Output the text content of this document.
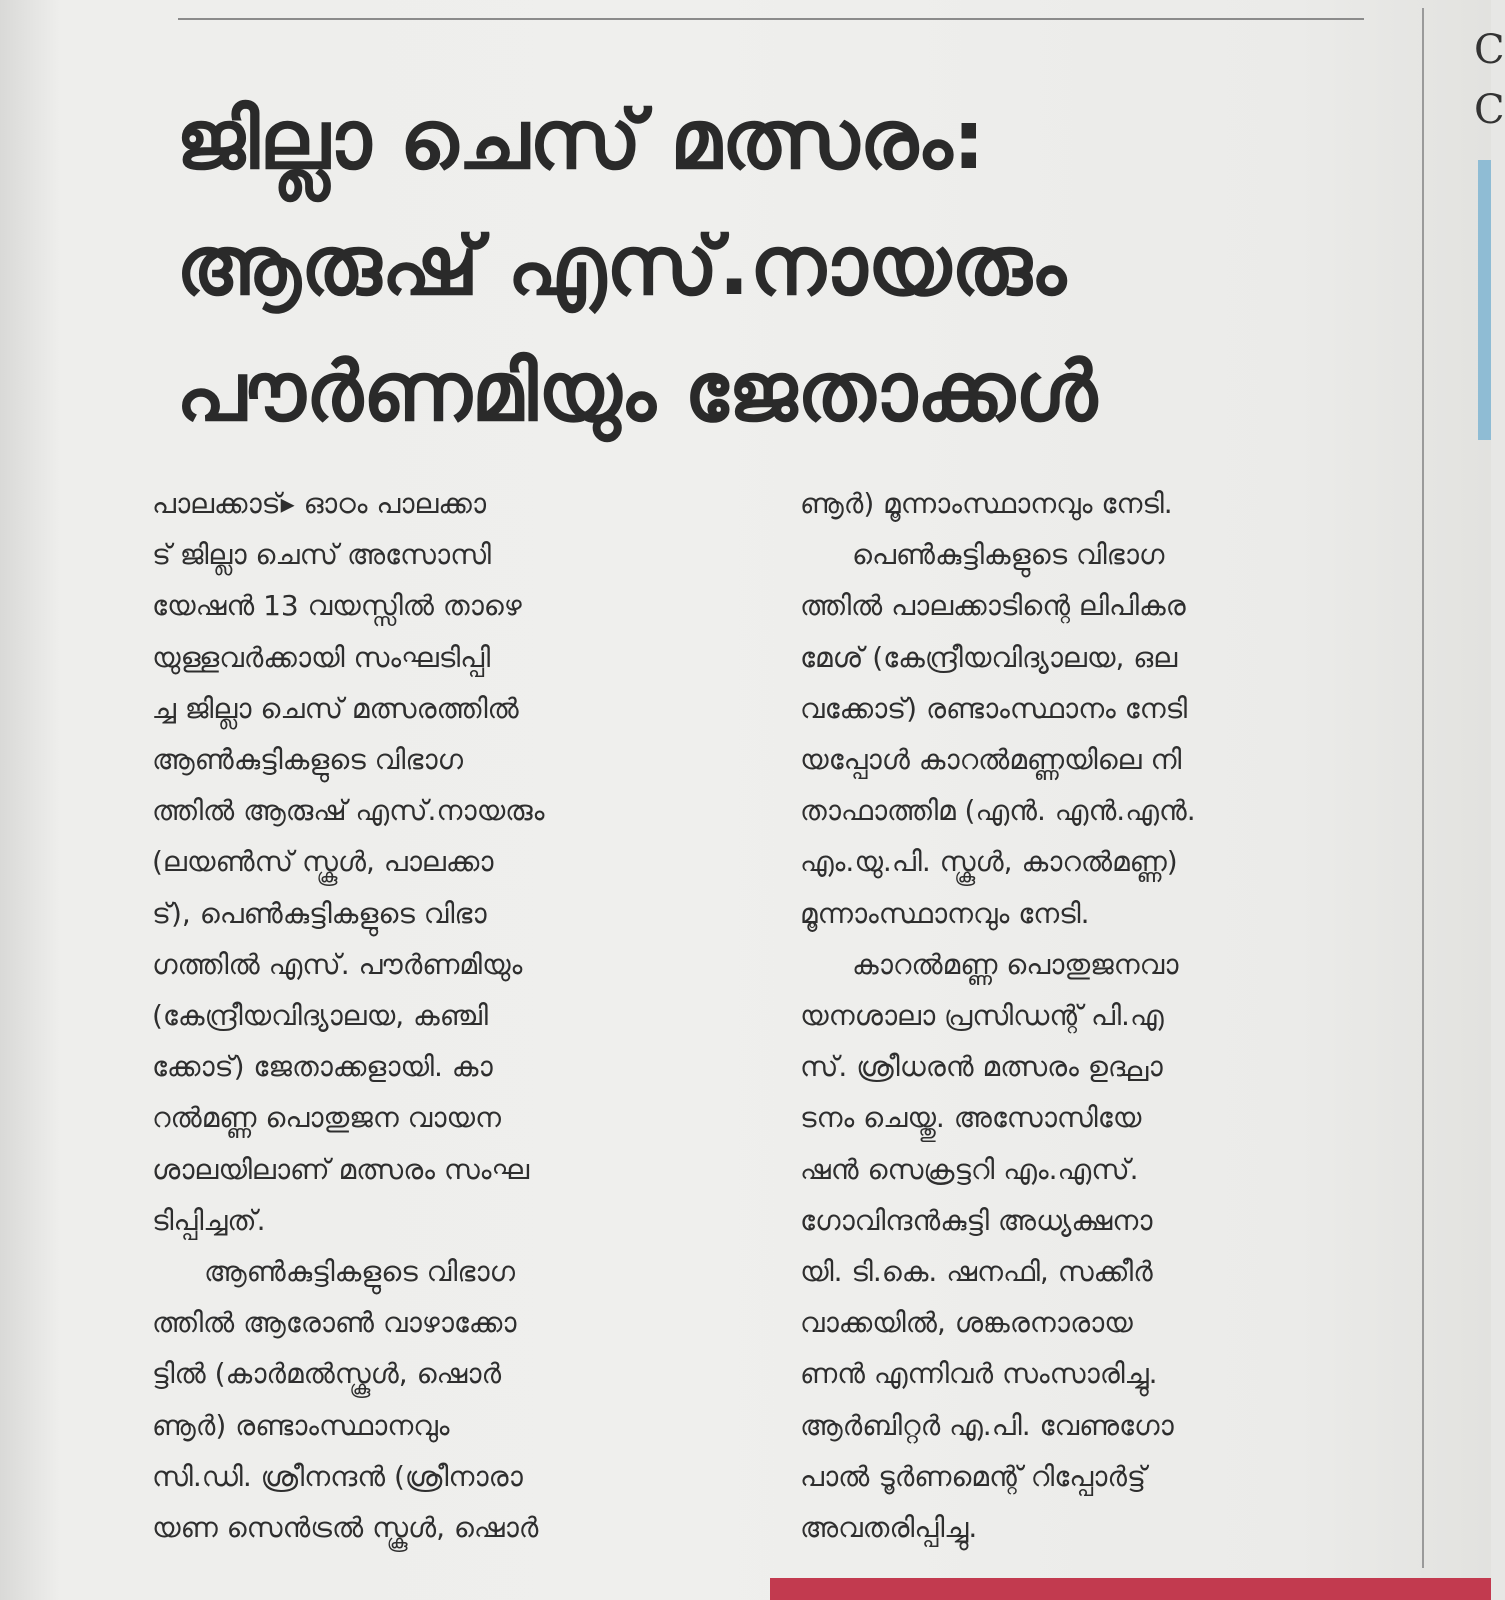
C
C
ജില്ലാ ചെസ് മത്സരം:
ആരുഷ് എസ്.നായരും
പൗർണമിയും ജേതാക്കൾ
പാലക്കാട്▸ ഓഠം പാലക്കാ
ട് ജില്ലാ ചെസ് അസോസി
യേഷൻ 13 വയസ്സിൽ താഴെ
യുള്ളവർക്കായി സംഘടിപ്പി
ച്ച ജില്ലാ ചെസ് മത്സരത്തിൽ
ആൺകുട്ടികളുടെ വിഭാഗ
ത്തിൽ ആരുഷ് എസ്.നായരും
(ലയൺസ് സ്കൂൾ, പാലക്കാ
ട്), പെൺകുട്ടികളുടെ വിഭാ
ഗത്തിൽ എസ്. പൗർണമിയും
(കേന്ദ്രീയവിദ്യാലയ, കഞ്ചി
ക്കോട്) ജേതാക്കളായി. കാ
റൽമണ്ണ പൊതുജന വായന
ശാലയിലാണ് മത്സരം സംഘ
ടിപ്പിച്ചത്.
ആൺകുട്ടികളുടെ വിഭാഗ
ത്തിൽ ആരോൺ വാഴാക്കോ
ട്ടിൽ (കാർമൽസ്കൂൾ, ഷൊർ
ണൂർ) രണ്ടാംസ്ഥാനവും
സി.ഡി. ശ്രീനന്ദൻ (ശ്രീനാരാ
യണ സെൻട്രൽ സ്കൂൾ, ഷൊർ
ണൂർ) മൂന്നാംസ്ഥാനവും നേടി.
പെൺകുട്ടികളുടെ വിഭാഗ
ത്തിൽ പാലക്കാടിന്റെ ലിപികര
മേശ് (കേന്ദ്രീയവിദ്യാലയ, ഒല
വക്കോട്) രണ്ടാംസ്ഥാനം നേടി
യപ്പോൾ കാറൽമണ്ണയിലെ നി
താഫാത്തിമ (എൻ. എൻ.എൻ.
എം.യു.പി. സ്കൂൾ, കാറൽമണ്ണ)
മൂന്നാംസ്ഥാനവും നേടി.
കാറൽമണ്ണ പൊതുജനവാ
യനശാലാ പ്രസിഡന്റ് പി.എ
സ്. ശ്രീധരൻ മത്സരം ഉദ്ഘാ
ടനം ചെയ്തു. അസോസിയേ
ഷൻ സെക്രട്ടറി എം.എസ്.
ഗോവിന്ദൻകുട്ടി അധ്യക്ഷനാ
യി. ടി.കെ. ഷനഫി, സക്കീർ
വാക്കയിൽ, ശങ്കരനാരായ
ണൻ എന്നിവർ സംസാരിച്ചു.
ആർബിറ്റർ എ.പി. വേണുഗോ
പാൽ ടൂർണമെന്റ് റിപ്പോർട്ട്
അവതരിപ്പിച്ചു.
